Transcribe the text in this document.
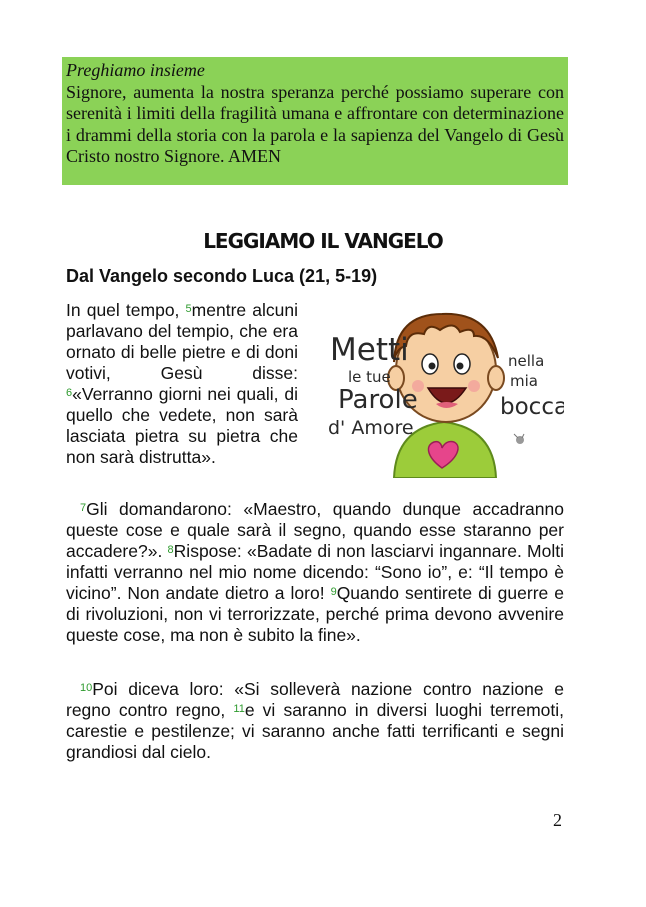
Preghiamo insieme
Signore, aumenta la nostra speranza perché possiamo superare con serenità i limiti della fragilità umana e affrontare con determinazione i drammi della storia con la parola e la sapienza del Vangelo di Gesù Cristo nostro Signore. AMEN
LEGGIAMO IL VANGELO
Dal Vangelo secondo Luca (21, 5-19)
In quel tempo, $^5$mentre alcuni parlavano del tempio, che era ornato di belle pietre e di doni votivi, Gesù disse: $^6$«Verranno giorni nei quali, di quello che vedete, non sarà lasciata pietra su pietra che non sarà distrutta».
Metti
le tue
Parole
d' Amore
nella
mia
bocca
$^7$Gli domandarono: «Maestro, quando dunque accadranno queste cose e quale sarà il segno, quando esse staranno per accadere?». $^8$Rispose: «Badate di non lasciarvi ingannare. Molti infatti verranno nel mio nome dicendo: “Sono io”, e: “Il tempo è vicino”. Non andate dietro a loro! $^9$Quando sentirete di guerre e di rivoluzioni, non vi terrorizzate, perché prima devono avvenire queste cose, ma non è subito la fine».
$^{10}$Poi diceva loro: «Si solleverà nazione contro nazione e regno contro regno, $^{11}$e vi saranno in diversi luoghi terremoti, carestie e pestilenze; vi saranno anche fatti terrificanti e segni grandiosi dal cielo.
2
